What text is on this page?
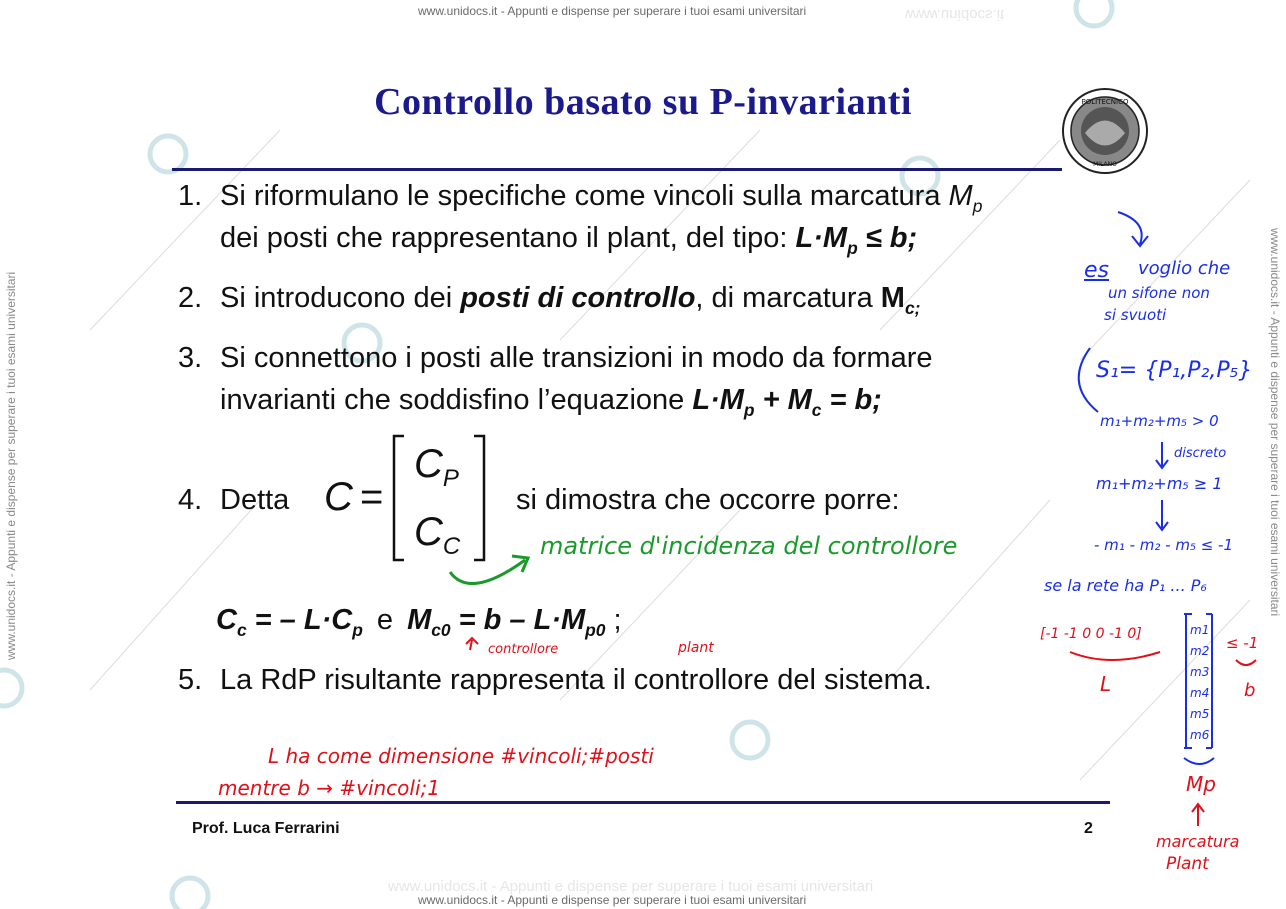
www.unidocs.it - Appunti e dispense per superare i tuoi esami universitari	www.unidocs.it
www.unidocs.it - Appunti e dispense per superare i tuoi esami universitari
www.unidocs.it - Appunti e dispense per superare i tuoi esami universitari
www.unidocs.it - Appunti e dispense per superare i tuoi esami universitari	www.unidocs.it - Appunti e dispense per superare i tuoi esami universitari
Controllo basato su P-invarianti	POLITECNICO
MILANO
1. Si riformulano le specifiche come vincoli sulla marcatura $M_p$
dei posti che rappresentano il plant, del tipo: $L\cdot M_p \le b$;
2. Si introducono dei posti di controllo, di marcatura $M_{c;}$
3. Si connettono i posti alle transizioni in modo da formare
invarianti che soddisfino l’equazione $L\cdot M_p + M_c = b$;
4. Detta C =
$C_P$
$C_C$
si dimostra che occorre porre:
$C_c$ = – $L\cdot C_p$ e $M_{c0} = b - L\cdot M_{p0}$ ;
5. La RdP risultante rappresenta il controllore del sistema.
Prof. Luca Ferrarini	2
matrice d'incidenza del controllore
controllore	plant
L ha come dimensione #vincoli;#posti
mentre b → #vincoli;1
es voglio che
un sifone non
si svuoti
S₁= {P₁,P₂,P₅}
m₁+m₂+m₅ > 0
discreto
m₁+m₂+m₅ ≥ 1
- m₁ - m₂ - m₅ ≤ -1
se la rete ha P₁ ... P₆
[-1 -1 0 0 -1 0]	m1
m2
m3
m4
m5
m6
≤ -1
L	b
Mp
marcatura
Plant
